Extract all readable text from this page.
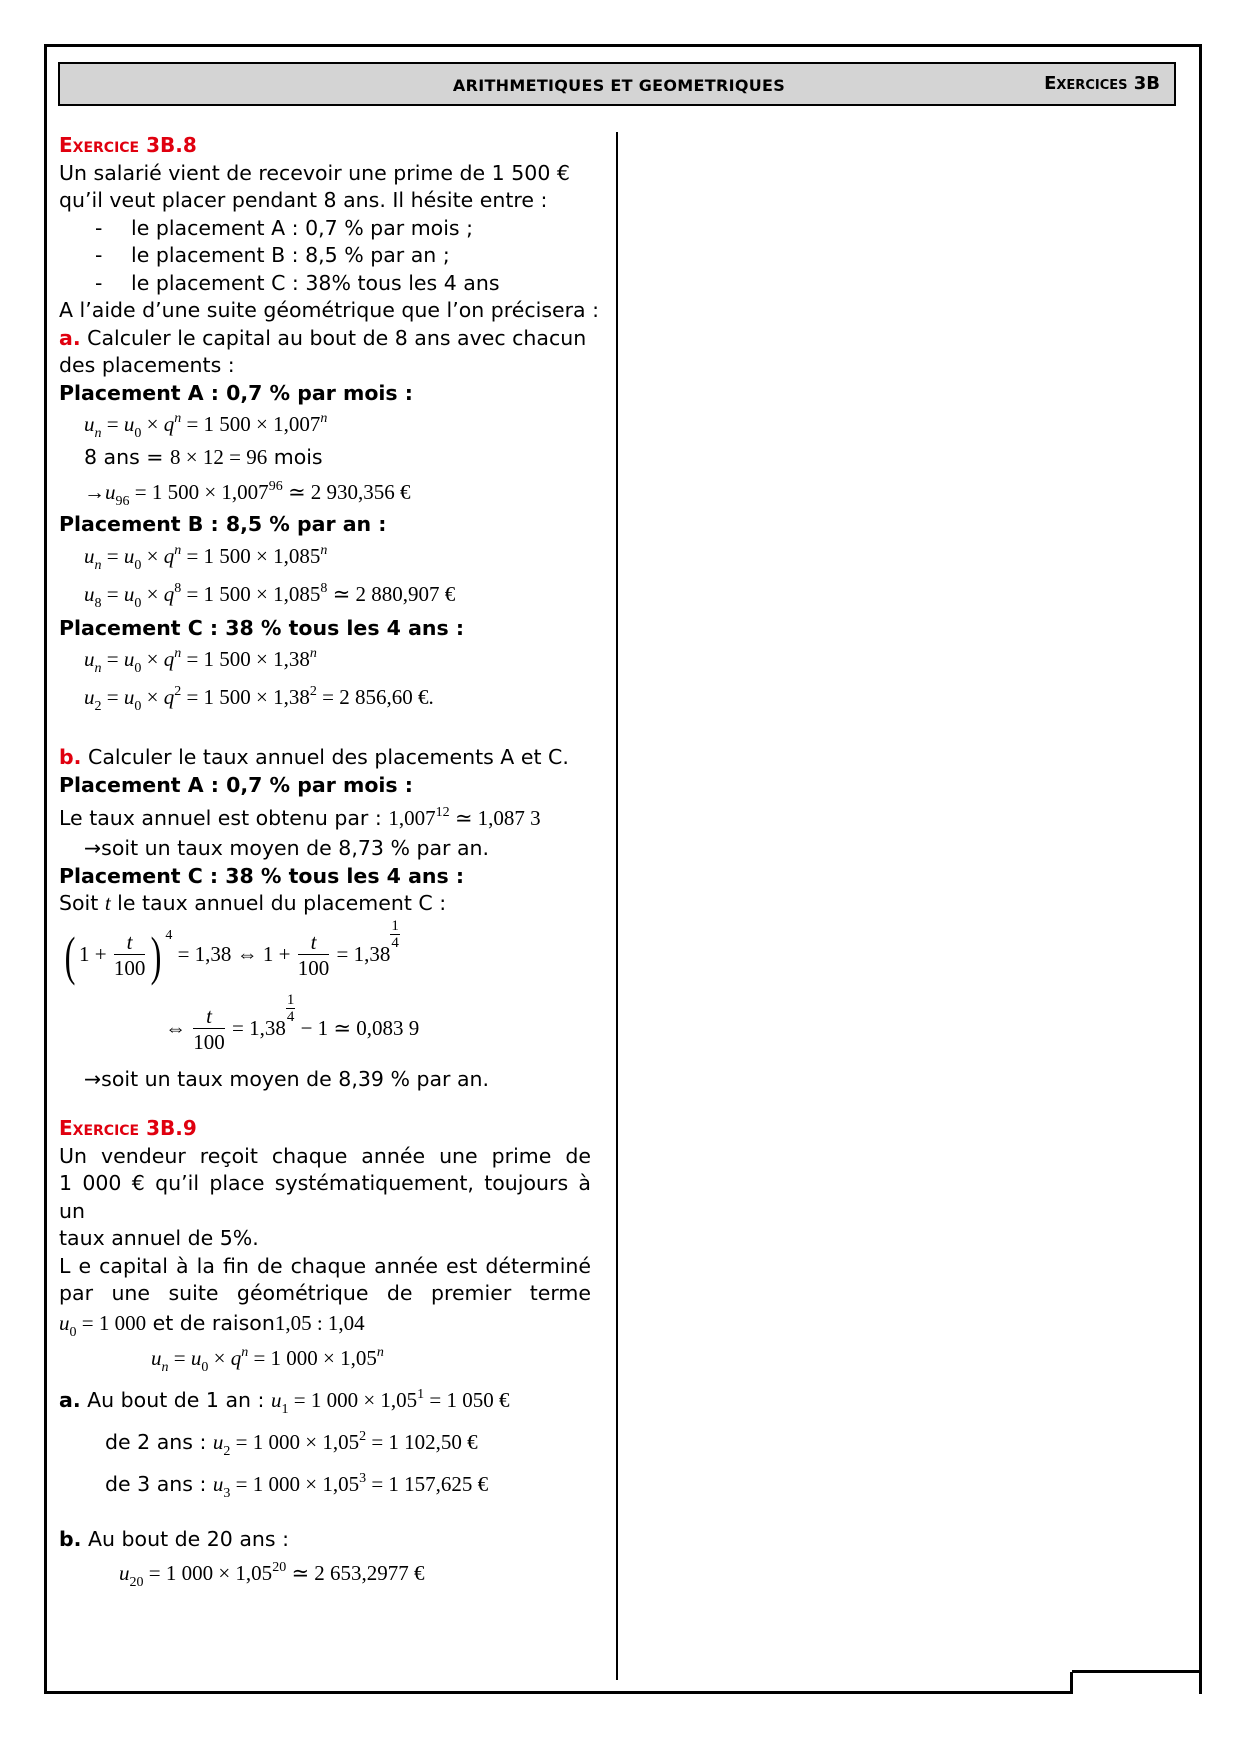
ARITHMETIQUES ET GEOMETRIQUES	Exercices 3B
Exercice 3B.8
Un salarié vient de recevoir une prime de 1 500 €
qu’il veut placer pendant 8 ans. Il hésite entre :
- le placement A : 0,7 % par mois ;
- le placement B : 8,5 % par an ;
- le placement C : 38% tous les 4 ans
A l’aide d’une suite géométrique que l’on précisera :
a. Calculer le capital au bout de 8 ans avec chacun
des placements :
Placement A : 0,7 % par mois :
$u_n = u_0 \times q^n = 1$ $500 \times 1,007^n$
8 ans = 8 × 12 = 96 mois
$\to u_{96} = 1$ $500 \times 1,007^{96}$ ≃ 2 930,356 €
Placement B : 8,5 % par an :
$u_n = u_0 \times q^n = 1$ $500 \times 1,085^n$
$u_8 = u_0 \times q^8 = 1$ $500 \times 1,085^8$ ≃ 2 880,907 €
Placement C : 38 % tous les 4 ans :
$u_n = u_0 \times q^n = 1$ $500 \times 1,38^n$
$u_2 = u_0 \times q^2 = 1$ $500 \times 1,38^2 = 2$ 856,60 €.
b. Calculer le taux annuel des placements A et C.
Placement A : 0,7 % par mois :
Le taux annuel est obtenu par : 1,007$^{12}$ ≃ 1,087 3
→soit un taux moyen de 8,73 % par an.
Placement C : 38 % tous les 4 ans :
Soit t le taux annuel du placement C :
( $1 + \frac{t}{100}$ ) $^4$ = 1,38 ⇔ $1 + \frac{t}{100} = 1,38$
$\frac{1}{4}$
⇔ $\frac{t}{100} = 1,38$
$\frac{1}{4}$
− 1 ≃ 0,083 9
→soit un taux moyen de 8,39 % par an.
Exercice 3B.9
Un vendeur reçoit chaque année une prime de
1 000 € qu’il place systématiquement, toujours à un
taux annuel de 5%.
L e capital à la fin de chaque année est déterminé
par une suite géométrique de premier terme
$u_0 = 1$ 000 et de raison1,05 : 1,04
$u_n = u_0 \times q^n = 1$ $000 \times 1,05^n$
a. Au bout de 1 an : $u_1 = 1$ $000 \times 1,05^1 = 1$ 050 €
de 2 ans : $u_2 = 1$ $000 \times 1,05^2 = 1$ 102,50 €
de 3 ans : $u_3 = 1$ $000 \times 1,05^3 = 1$ 157,625 €
b. Au bout de 20 ans :
$u_{20} = 1$ $000 \times 1,05^{20}$ ≃ 2 653,2977 €
